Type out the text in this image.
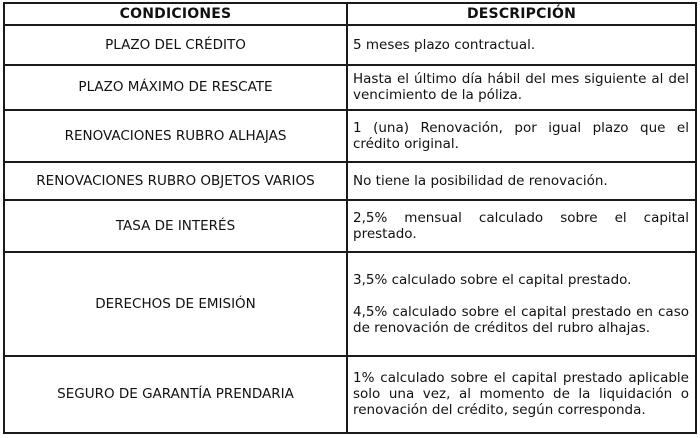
CONDICIONES	DESCRIPCIÓN
PLAZO DEL CRÉDITO	5 meses plazo contractual.

PLAZO MÁXIMO DE RESCATE	Hasta el último día hábil del mes siguiente al del vencimiento de la póliza.

RENOVACIONES RUBRO ALHAJAS	1 (una) Renovación, por igual plazo que el crédito original.

RENOVACIONES RUBRO OBJETOS VARIOS	No tiene la posibilidad de renovación.

TASA DE INTERÉS	2,5% mensual calculado sobre el capital prestado.

DERECHOS DE EMISIÓN	3,5% calculado sobre el capital prestado.

4,5% calculado sobre el capital prestado en caso de renovación de créditos del rubro alhajas.

SEGURO DE GARANTÍA PRENDARIA	1% calculado sobre el capital prestado aplicable solo una vez, al momento de la liquidación o renovación del crédito, según corresponda.
